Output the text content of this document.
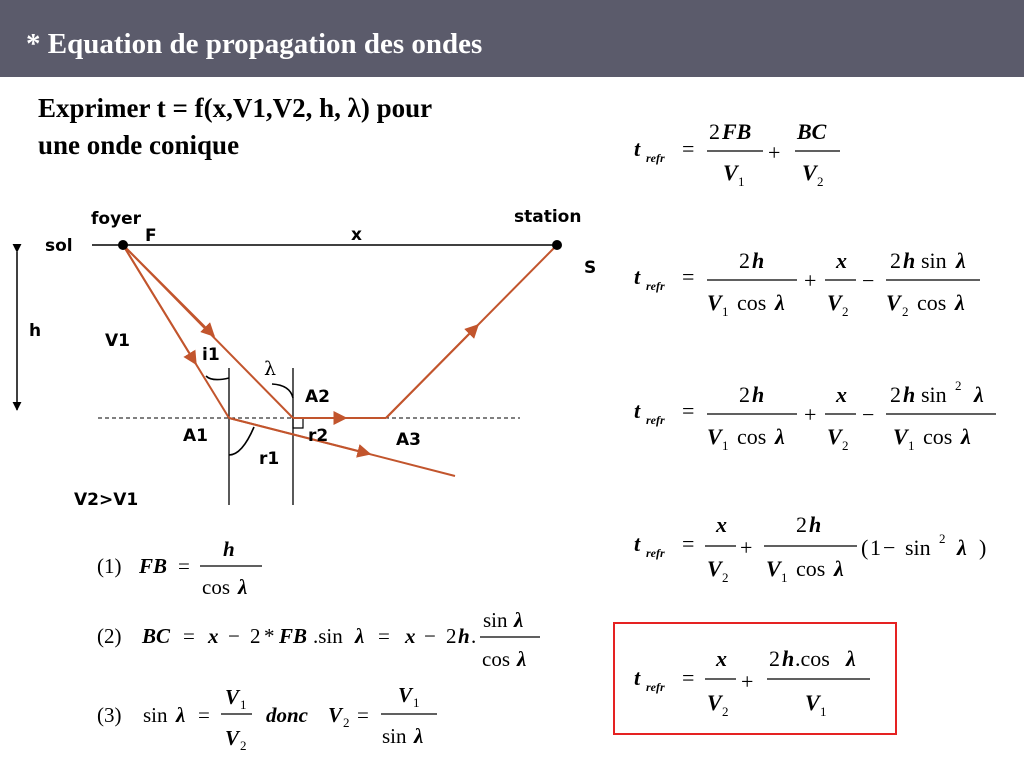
* Equation de propagation des ondes
Exprimer t = f(x,V1,V2, h, λ) pour
une onde conique
foyer
F
sol
x
station
S
h	V1
i1
A2
A1	r2	A3
r1
V2>V1
λ
(1) FB =
h
cos λ
(2) BC = x − 2 * FB .sin λ = x − 2 h .
sin λ
cos λ
(3) sin λ =
V 1
V 2
donc V 2 =
V 1
sin λ
t refr =
2 FB
V 1
+
BC
V 2
t refr =
2 h
V 1 cos λ
+
x
V 2
−
2 h sin λ
V 2 cos λ
t refr =
2 h
V 1 cos λ
+
x
V 2
−
2 h sin 2 λ
V 1 cos λ
t refr =
x
V 2
+
2 h
V 1 cos λ
( 1 − sin 2 λ )
t refr =
x
V 2
+
2 h .cos λ
V 1
